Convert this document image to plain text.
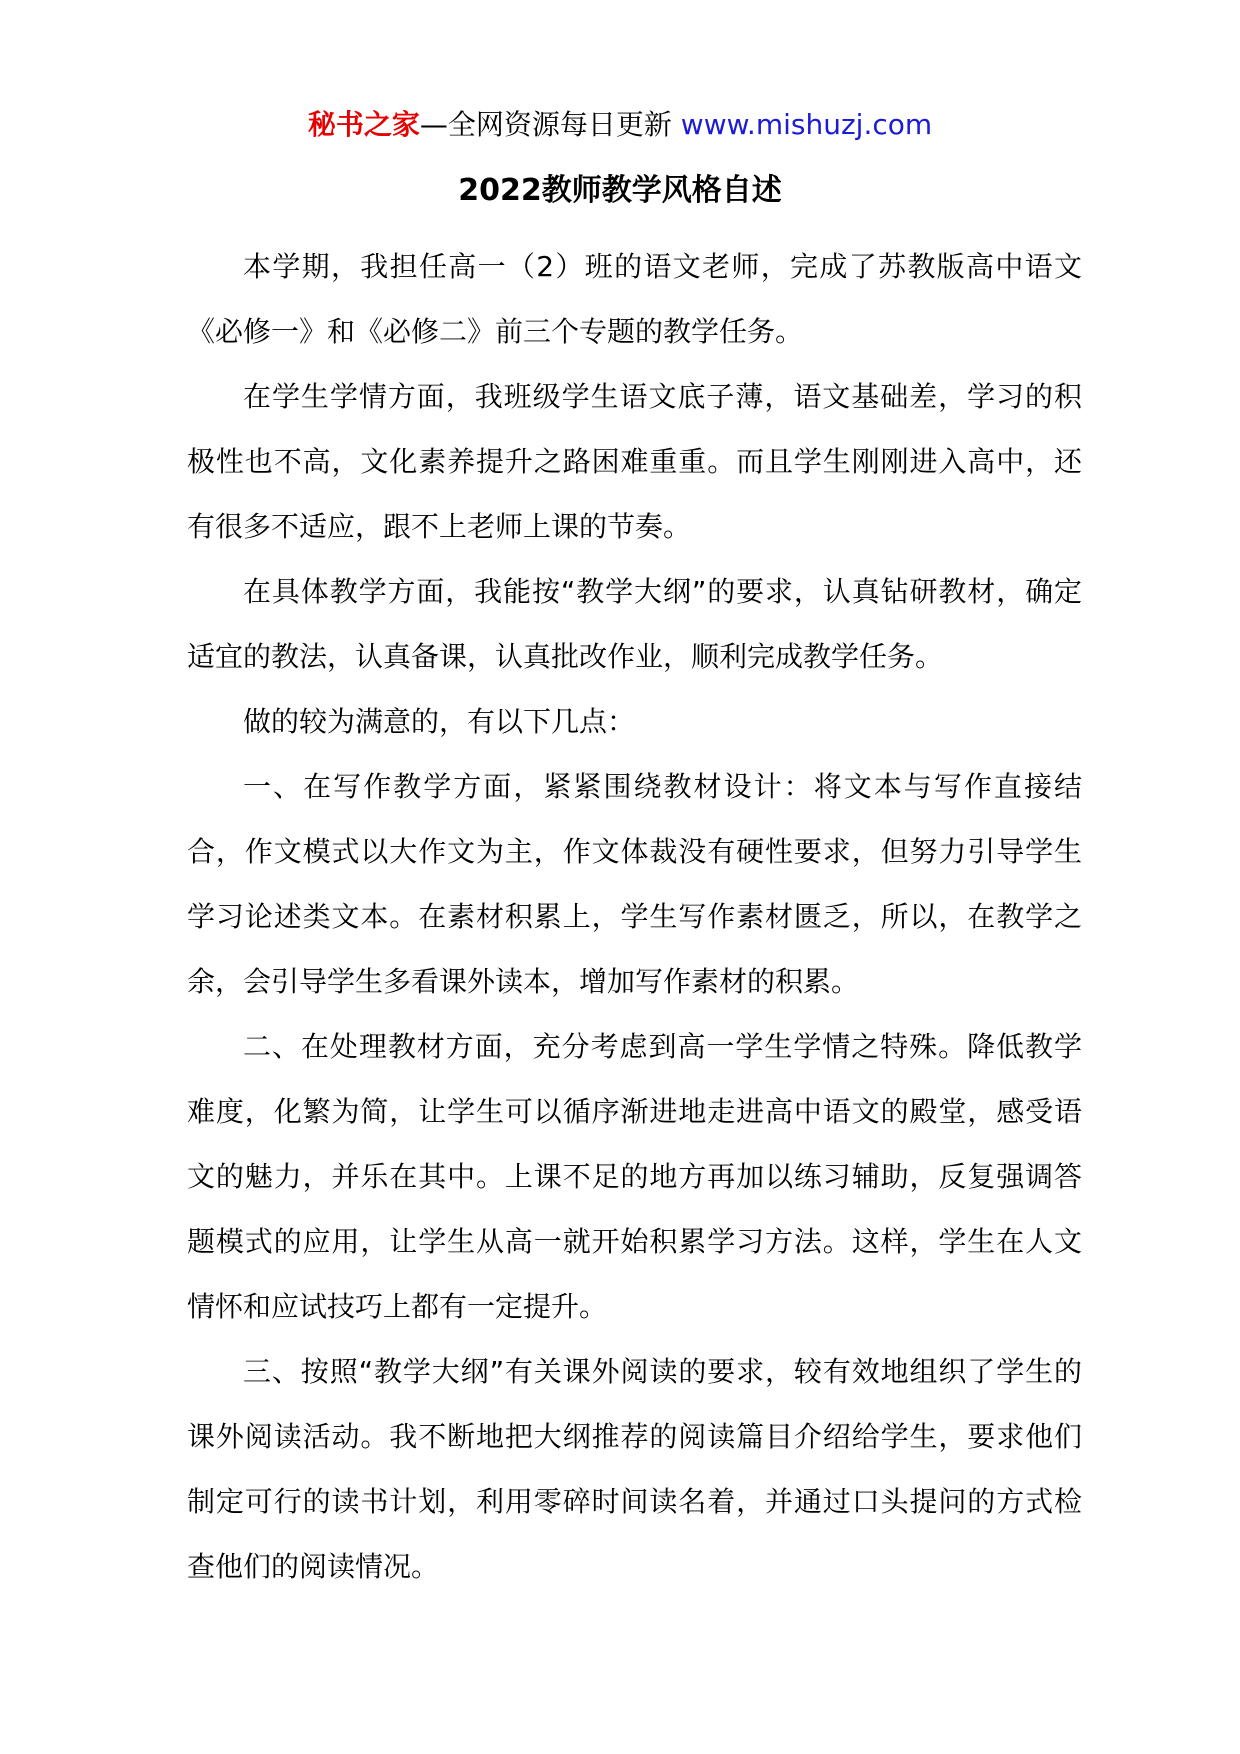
秘书之家—全网资源每日更新 www.mishuzj.com
2022教师教学风格自述

本学期，我担任高一（2）班的语文老师，完成了苏教版高中语文《必修一》和《必修二》前三个专题的教学任务。

在学生学情方面，我班级学生语文底子薄，语文基础差，学习的积极性也不高，文化素养提升之路困难重重。而且学生刚刚进入高中，还有很多不适应，跟不上老师上课的节奏。

在具体教学方面，我能按“教学大纲”的要求，认真钻研教材，确定适宜的教法，认真备课，认真批改作业，顺利完成教学任务。

做的较为满意的，有以下几点：

一、在写作教学方面，紧紧围绕教材设计：将文本与写作直接结合，作文模式以大作文为主，作文体裁没有硬性要求，但努力引导学生学习论述类文本。在素材积累上，学生写作素材匮乏，所以，在教学之余，会引导学生多看课外读本，增加写作素材的积累。

二、在处理教材方面，充分考虑到高一学生学情之特殊。降低教学难度，化繁为简，让学生可以循序渐进地走进高中语文的殿堂，感受语文的魅力，并乐在其中。上课不足的地方再加以练习辅助，反复强调答题模式的应用，让学生从高一就开始积累学习方法。这样，学生在人文情怀和应试技巧上都有一定提升。

三、按照“教学大纲”有关课外阅读的要求，较有效地组织了学生的课外阅读活动。我不断地把大纲推荐的阅读篇目介绍给学生，要求他们制定可行的读书计划，利用零碎时间读名着，并通过口头提问的方式检查他们的阅读情况。
